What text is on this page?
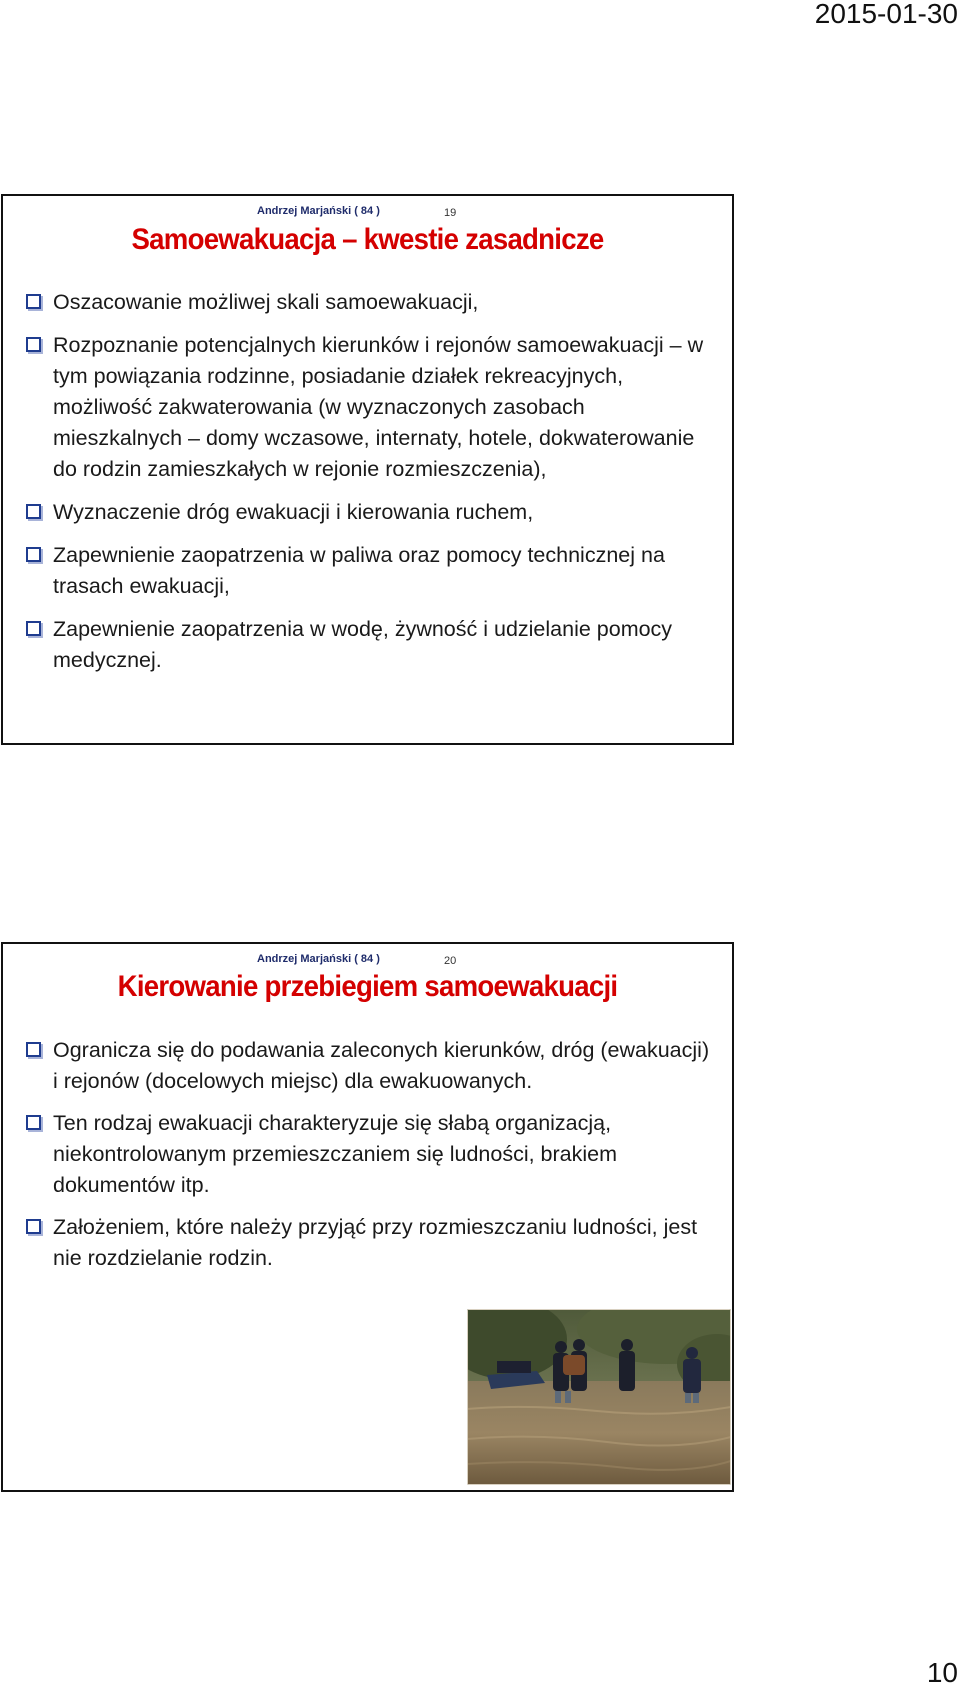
2015-01-30
Andrzej Marjański ( 84 )	19
Samoewakuacja – kwestie zasadnicze
Oszacowanie możliwej skali samoewakuacji,
Rozpoznanie potencjalnych kierunków i rejonów samoewakuacji – w tym powiązania rodzinne, posiadanie działek rekreacyjnych, możliwość zakwaterowania (w wyznaczonych zasobach mieszkalnych – domy wczasowe, internaty, hotele, dokwaterowanie do rodzin zamieszkałych w rejonie rozmieszczenia),
Wyznaczenie dróg ewakuacji i kierowania ruchem,
Zapewnienie zaopatrzenia w paliwa oraz pomocy technicznej na trasach ewakuacji,
Zapewnienie zaopatrzenia w wodę, żywność i udzielanie pomocy medycznej.
Andrzej Marjański ( 84 )	20
Kierowanie przebiegiem samoewakuacji
Ogranicza się do podawania zaleconych kierunków, dróg (ewakuacji) i rejonów (docelowych miejsc) dla ewakuowanych.
Ten rodzaj ewakuacji charakteryzuje się słabą organizacją, niekontrolowanym przemieszczaniem się ludności, brakiem dokumentów itp.
Założeniem, które należy przyjąć przy rozmieszczaniu ludności, jest nie rozdzielanie rodzin.
10
